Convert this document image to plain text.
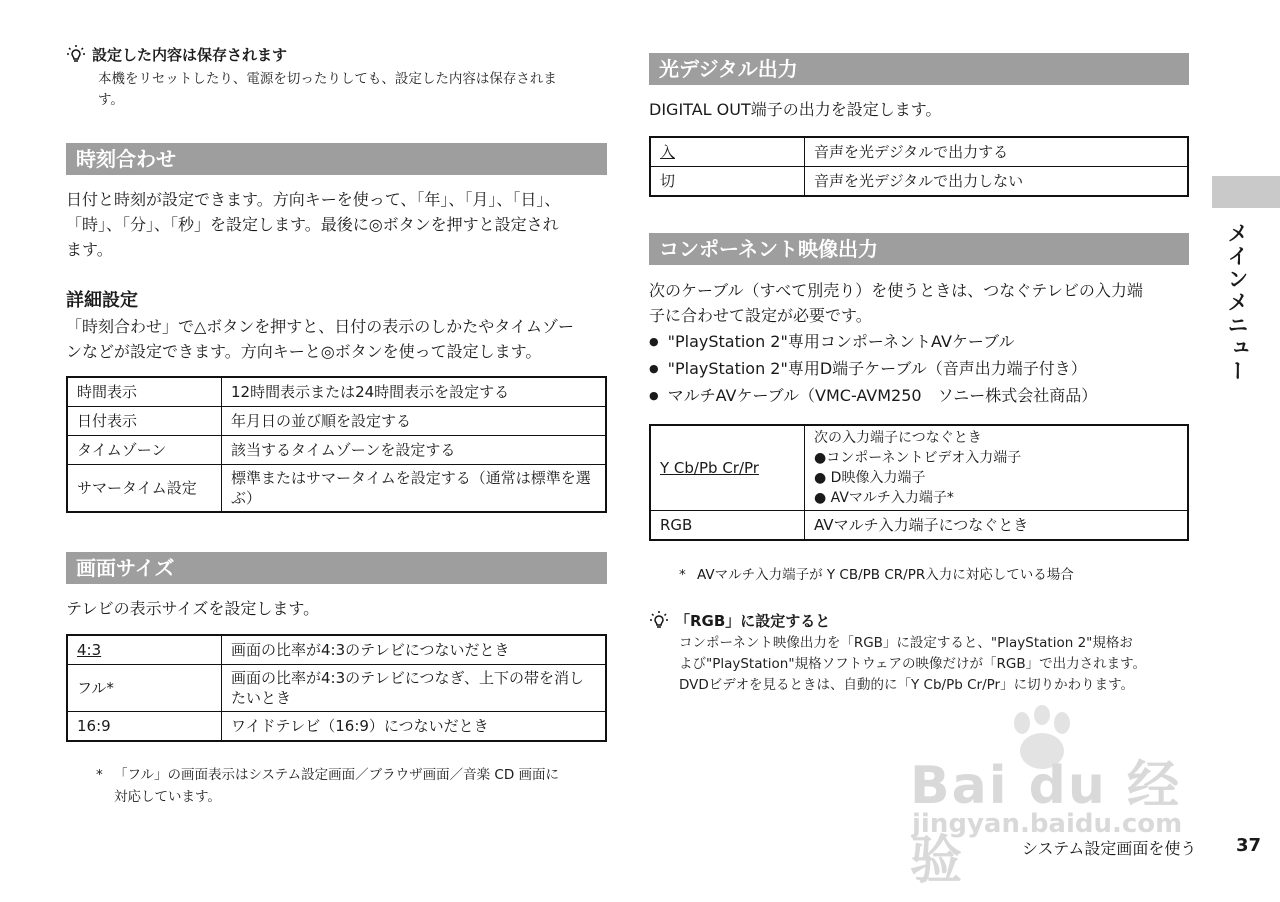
設定した内容は保存されます
本機をリセットしたり、電源を切ったりしても、設定した内容は保存されま
す。
時刻合わせ
日付と時刻が設定できます。方向キーを使って、「年」、「月」、「日」、
「時」、「分」、「秒」を設定します。最後に◎ボタンを押すと設定され
ます。
詳細設定
「時刻合わせ」で△ボタンを押すと、日付の表示のしかたやタイムゾー
ンなどが設定できます。方向キーと◎ボタンを使って設定します。
時間表示	12時間表示または24時間表示を設定する
日付表示	年月日の並び順を設定する
タイムゾーン	該当するタイムゾーンを設定する
サマータイム設定	標準またはサマータイムを設定する（通常は標準を選ぶ）
画面サイズ
テレビの表示サイズを設定します。
4:3	画面の比率が4:3のテレビにつないだとき
フル*	画面の比率が4:3のテレビにつなぎ、上下の帯を消したいとき
16:9	ワイドテレビ（16:9）につないだとき
* 「フル」の画面表示はシステム設定画面／ブラウザ画面／音楽 CD 画面に
対応しています。
光デジタル出力
DIGITAL OUT端子の出力を設定します。
入	音声を光デジタルで出力する
切	音声を光デジタルで出力しない
コンポーネント映像出力
次のケーブル（すべて別売り）を使うときは、つなぐテレビの入力端
子に合わせて設定が必要です。
● "PlayStation 2"専用コンポーネントAVケーブル
● "PlayStation 2"専用D端子ケーブル（音声出力端子付き）
● マルチAVケーブル（VMC-AVM250　ソニー株式会社商品）
Y Cb/Pb Cr/Pr	次の入力端子につなぐとき
●コンポーネントビデオ入力端子
● D映像入力端子
● AVマルチ入力端子*

RGB	AVマルチ入力端子につなぐとき
* AVマルチ入力端子が Y CB/PB CR/PR入力に対応している場合
「RGB」に設定すると
コンポーネント映像出力を「RGB」に設定すると、"PlayStation 2"規格お
よび"PlayStation"規格ソフトウェアの映像だけが「RGB」で出力されます。
DVDビデオを見るときは、自動的に「Y Cb/Pb Cr/Pr」に切りかわります。
メインメニュー
Bai du 经验
jingyan.baidu.com
システム設定画面を使う 37
